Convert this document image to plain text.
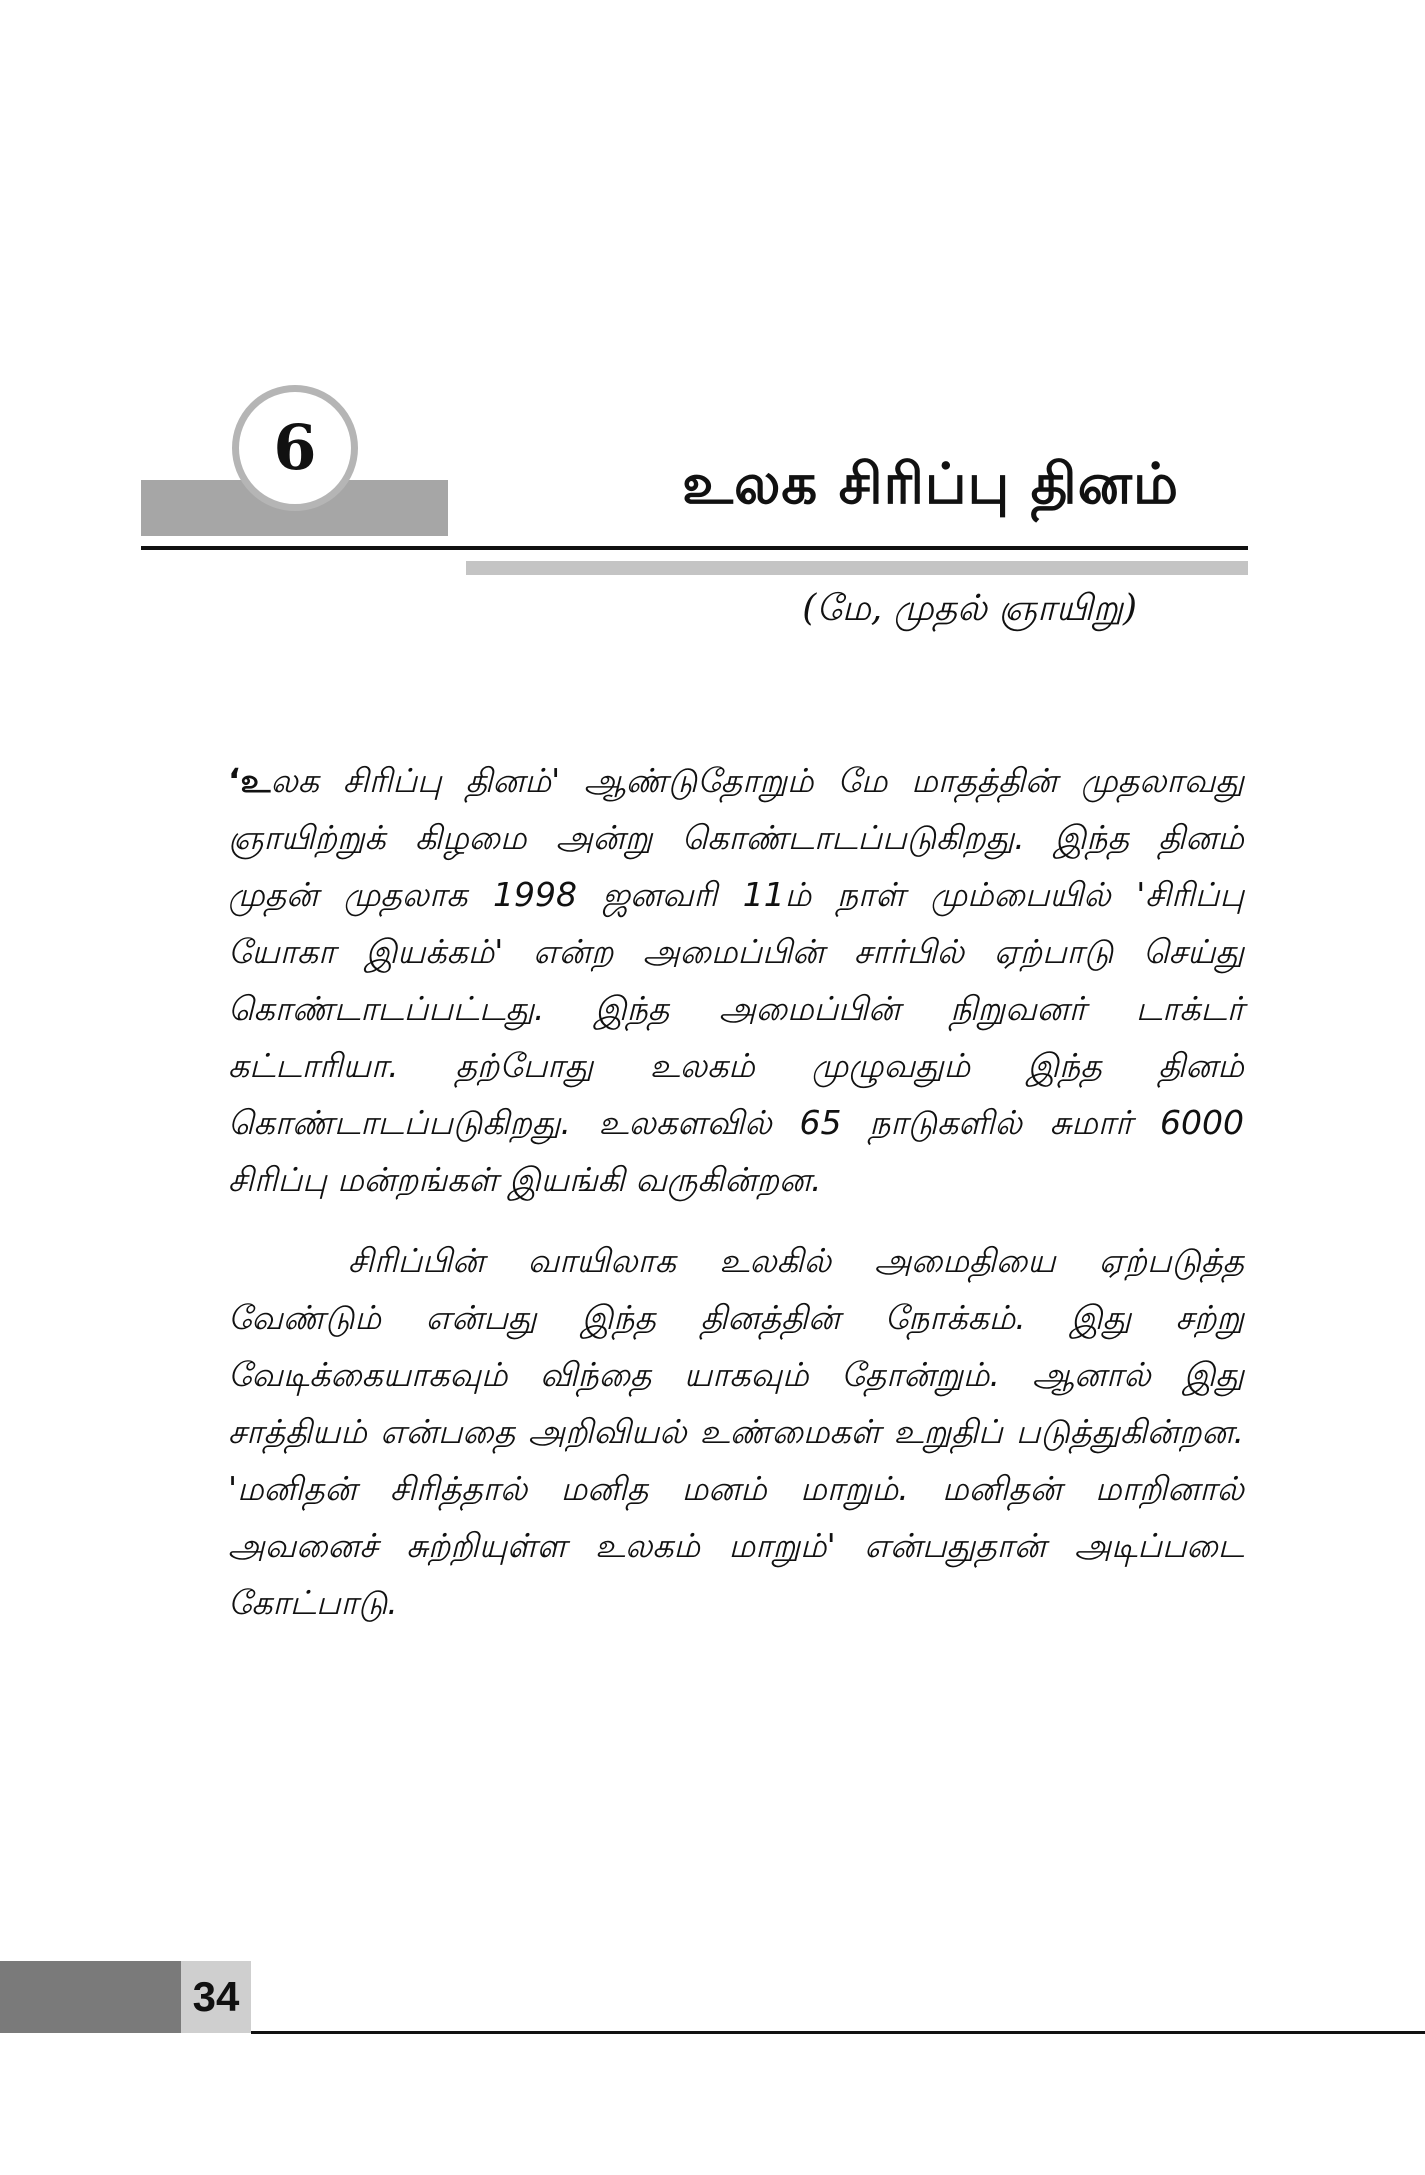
6
உலக சிரிப்பு தினம்
(மே, முதல் ஞாயிறு)

‘உலக சிரிப்பு தினம்' ஆண்டுதோறும் மே மாதத்தின் முதலாவது ஞாயிற்றுக் கிழமை அன்று கொண்டாடப்படுகிறது. இந்த தினம் முதன் முதலாக 1998 ஜனவரி 11ம் நாள் மும்பையில் 'சிரிப்பு யோகா இயக்கம்' என்ற அமைப்பின் சார்பில் ஏற்பாடு செய்து கொண்டாடப்பட்டது. இந்த அமைப்பின் நிறுவனர் டாக்டர் கட்டாரியா. தற்போது உலகம் முழுவதும் இந்த தினம் கொண்டாடப்படுகிறது. உலகளவில் 65 நாடுகளில் சுமார் 6000 சிரிப்பு மன்றங்கள் இயங்கி வருகின்றன.

சிரிப்பின் வாயிலாக உலகில் அமைதியை ஏற்படுத்த வேண்டும் என்பது இந்த தினத்தின் நோக்கம். இது சற்று வேடிக்கையாகவும் விந்தை யாகவும் தோன்றும். ஆனால் இது சாத்தியம் என்பதை அறிவியல் உண்மைகள் உறுதிப் படுத்துகின்றன. 'மனிதன் சிரித்தால் மனித மனம் மாறும். மனிதன் மாறினால் அவனைச் சுற்றியுள்ள உலகம் மாறும்' என்பதுதான் அடிப்படை கோட்பாடு.

34
